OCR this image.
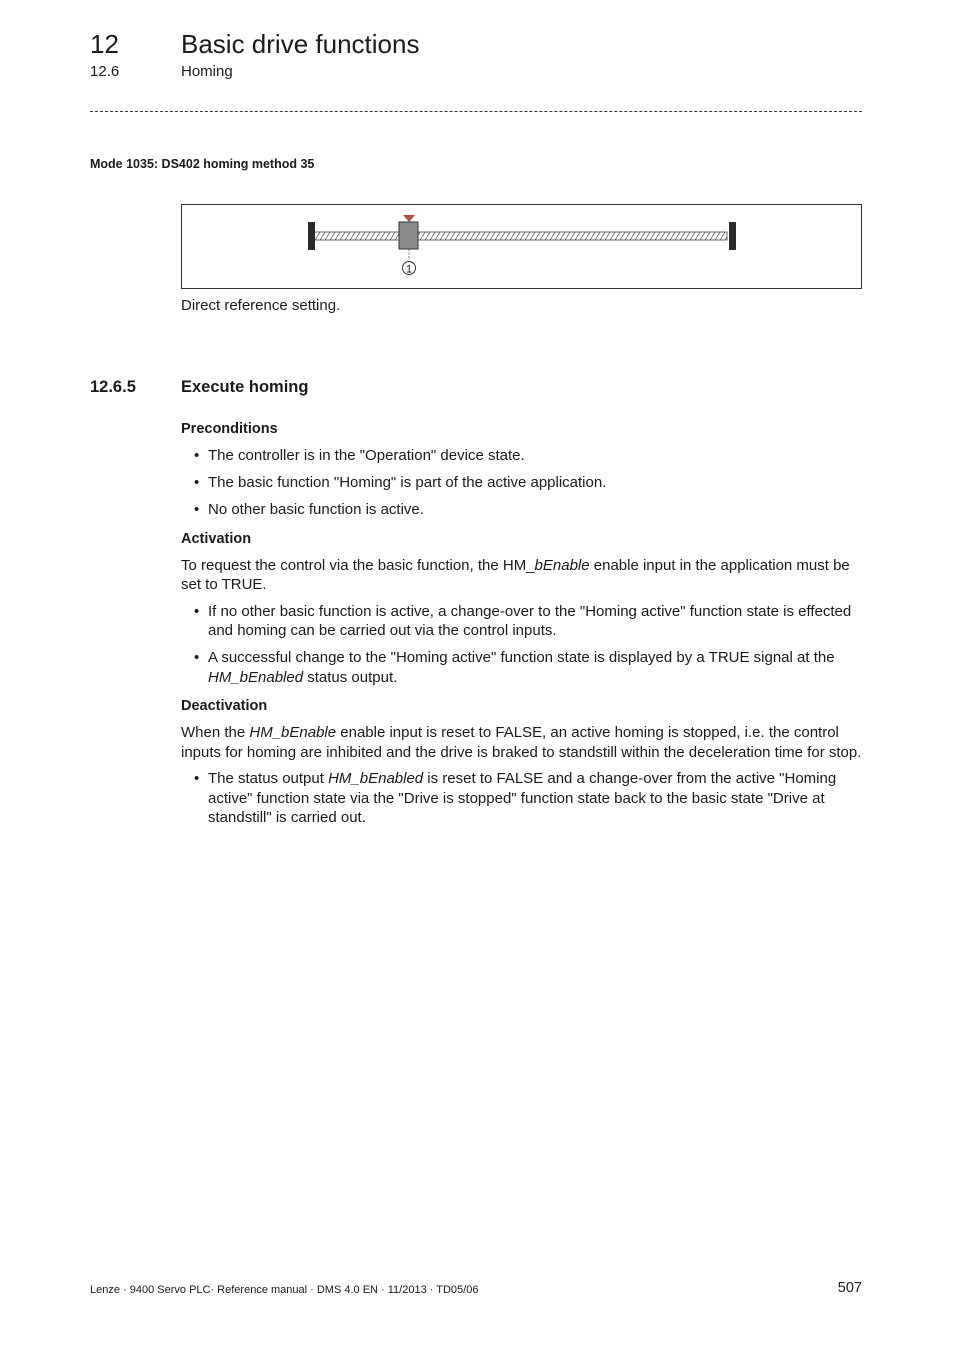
12 Basic drive functions
12.6	Homing
Mode 1035: DS402 homing method 35
1
Direct reference setting.
12.6.5	Execute homing
Preconditions
• The controller is in the "Operation" device state.
• The basic function "Homing" is part of the active application.
• No other basic function is active.
Activation

To request the control via the basic function, the HM_bEnable enable input in the application must be set to TRUE.

• If no other basic function is active, a change-over to the "Homing active" function state is effected and homing can be carried out via the control inputs.
• A successful change to the "Homing active" function state is displayed by a TRUE signal at the HM_bEnabled status output.
Deactivation

When the HM_bEnable enable input is reset to FALSE, an active homing is stopped, i.e. the control inputs for homing are inhibited and the drive is braked to standstill within the deceleration time for stop.

• The status output HM_bEnabled is reset to FALSE and a change-over from the active "Homing active" function state via the "Drive is stopped" function state back to the basic state "Drive at standstill" is carried out.
Lenze · 9400 Servo PLC· Reference manual · DMS 4.0 EN · 11/2013 · TD05/06	507
